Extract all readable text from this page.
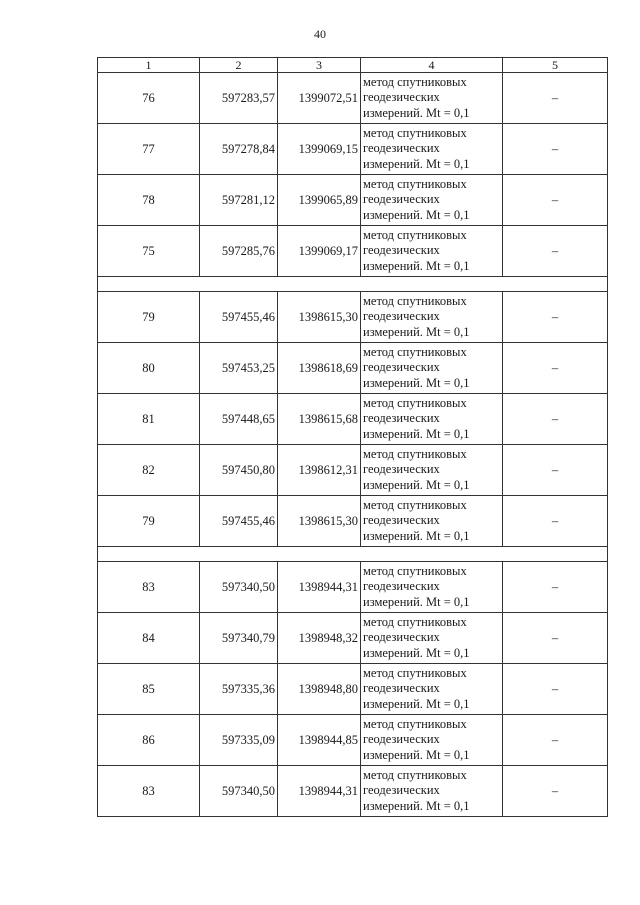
40
1	2	3	4	5
76	597283,57	1399072,51	метод спутниковых геодезических измерений. Mt = 0,1	–
77	597278,84	1399069,15	метод спутниковых геодезических измерений. Mt = 0,1	–
78	597281,12	1399065,89	метод спутниковых геодезических измерений. Mt = 0,1	–
75	597285,76	1399069,17	метод спутниковых геодезических измерений. Mt = 0,1	–

79	597455,46	1398615,30	метод спутниковых геодезических измерений. Mt = 0,1	–
80	597453,25	1398618,69	метод спутниковых геодезических измерений. Mt = 0,1	–
81	597448,65	1398615,68	метод спутниковых геодезических измерений. Mt = 0,1	–
82	597450,80	1398612,31	метод спутниковых геодезических измерений. Mt = 0,1	–
79	597455,46	1398615,30	метод спутниковых геодезических измерений. Mt = 0,1	–

83	597340,50	1398944,31	метод спутниковых геодезических измерений. Mt = 0,1	–
84	597340,79	1398948,32	метод спутниковых геодезических измерений. Mt = 0,1	–
85	597335,36	1398948,80	метод спутниковых геодезических измерений. Mt = 0,1	–
86	597335,09	1398944,85	метод спутниковых геодезических измерений. Mt = 0,1	–
83	597340,50	1398944,31	метод спутниковых геодезических измерений. Mt = 0,1	–
